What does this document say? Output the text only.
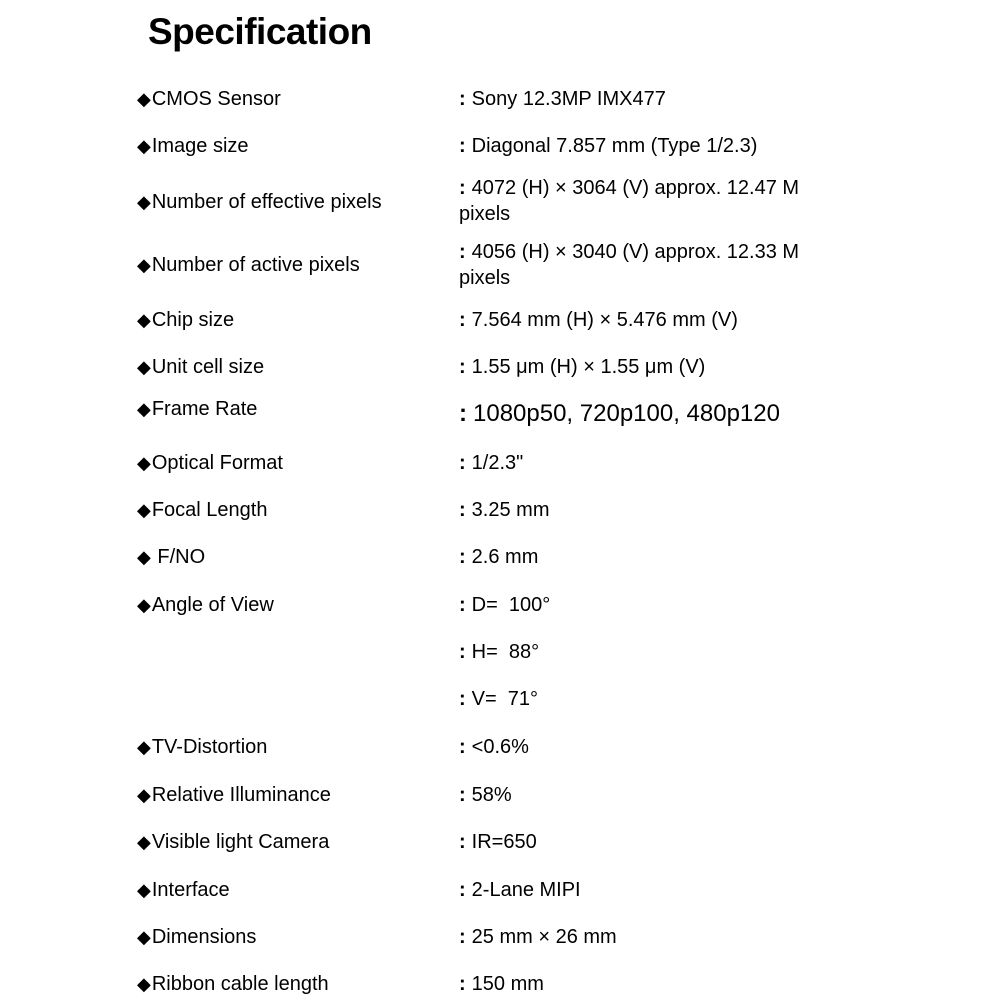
Specification
◆CMOS Sensor	: Sony 12.3MP IMX477
◆Image size	: Diagonal 7.857 mm (Type 1/2.3)
◆Number of effective pixels
: 4072 (H) × 3064 (V) approx. 12.47 M pixels
◆Number of active pixels
: 4056 (H) × 3040 (V) approx. 12.33 M pixels
◆Chip size	: 7.564 mm (H) × 5.476 mm (V)
◆Unit cell size	: 1.55 μm (H) × 1.55 μm (V)
◆Frame Rate	: 1080p50, 720p100, 480p120
◆Optical Format	: 1/2.3"
◆Focal Length	: 3.25 mm
◆ F/NO	: 2.6 mm
◆Angle of View	: D=  100°
: H=  88°
: V=  71°
◆TV-Distortion	: <0.6%
◆Relative Illuminance	: 58%
◆Visible light Camera	: IR=650
◆Interface	: 2-Lane MIPI
◆Dimensions	: 25 mm × 26 mm
◆Ribbon cable length	: 150 mm
